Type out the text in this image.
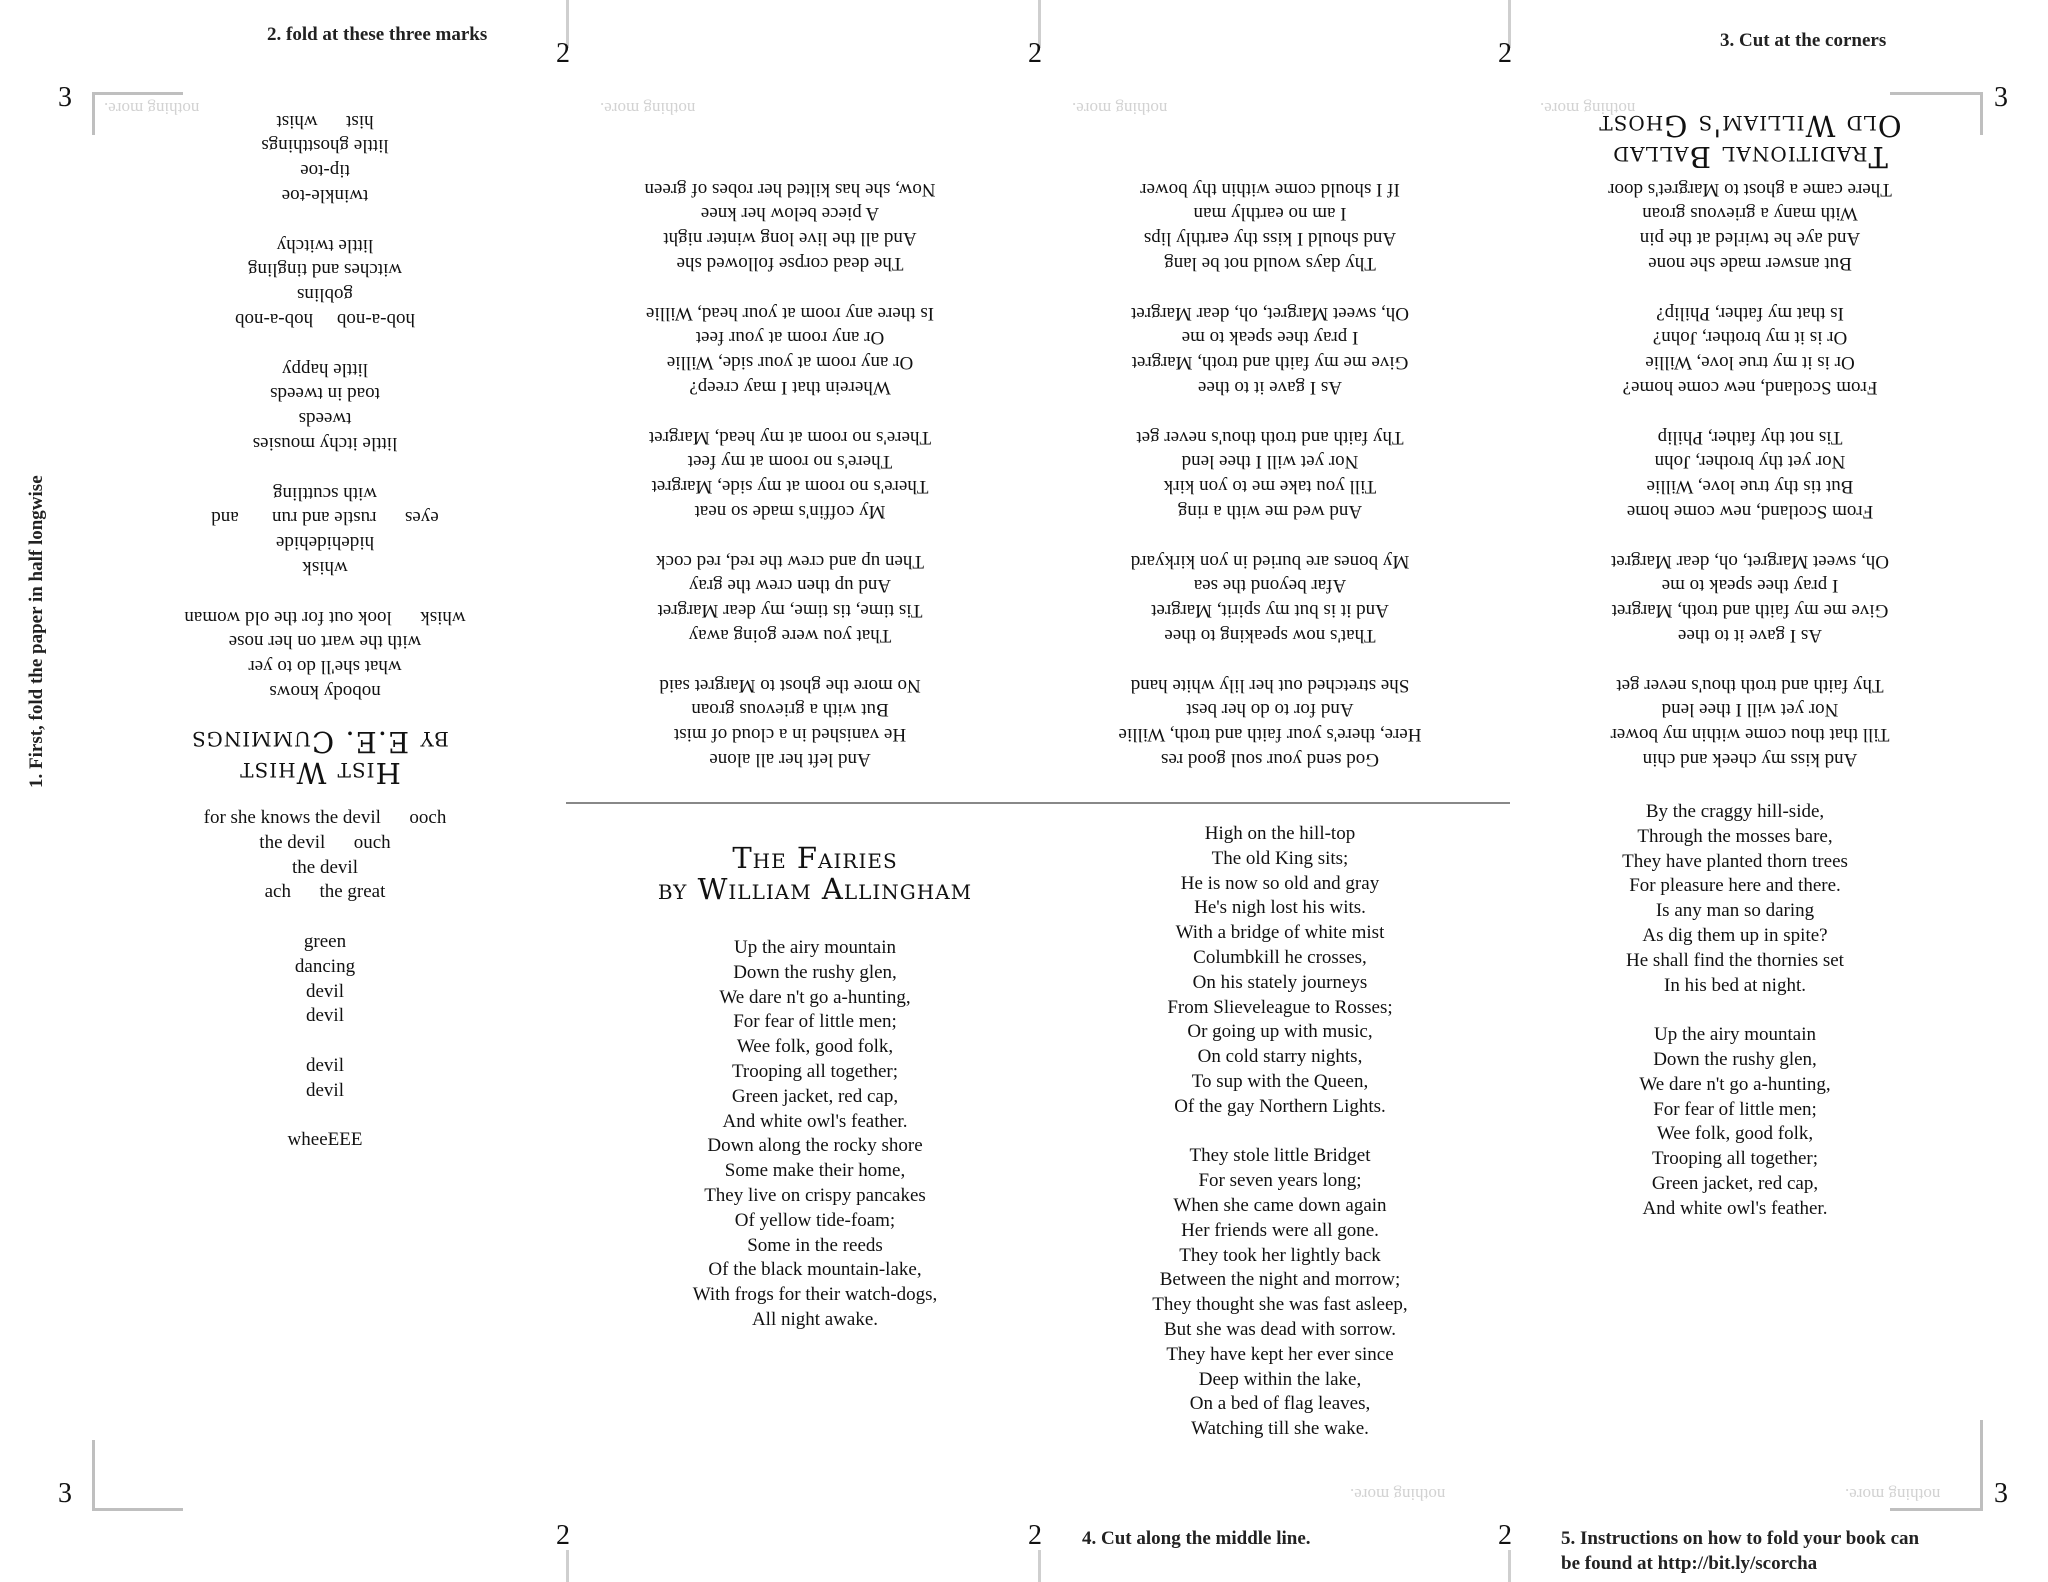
2. fold at these three marks	3. Cut at the corners
4. Cut along the middle line.	5. Instructions on how to fold your book can
be found at http://bit.ly/scorcha
1. First, fold the paper in half longwise
2	2	2
2	2	2
3	3
3	3
nothing more.	nothing more.	nothing more.	nothing more.
nothing more.	nothing more.
Hist Whist
by E.E. Cummings
nobody knows
what she'll do to yer
with the wart on her nose
whisk      look out for the old woman
whisk
hidehidehide
eyes      rustle and run       and
with scuttling
little itchy mousies
tweeds
toad in tweeds
little happy
hob-a-nob     hob-a-nob
goblins
witches and tingling
little twitchy
twinkle-toe
tip-toe
little ghostthings
hist      whist
And left her all alone
He vanished in a cloud of mist
But with a grievous groan
No more the ghost to Margret said
That you were going away
Tis time, tis time, my dear Margret
And up then crew the gray
Then up and crew the red, red cock
My coffin's made so neat
There's no room at my side, Margret
There's no room at my feet
There's no room at my head, Margret
Wherein that I may creep?
Or any room at your side, Willie
Or any room at your feet
Is there any room at your head, Willie
The dead corpse followed she
And all the live long winter night
A piece below her knee
Now, she has kilted her robes of green
God send your soul good res
Here, there's your faith and troth, Willie
And for to do her best
She stretched out her lily white hand
That's now speaking to thee
And it is but my spirit, Margret
Afar beyond the sea
My bones are buried in yon kirkyard
And wed me with a ring
Till you take me to yon kirk
Nor yet will I thee lend
Thy faith and troth thou's never get
As I gave it to thee
Give me my faith and troth, Margret
I pray thee speak to me
Oh, sweet Margret, oh, dear Margret
Thy days would not be lang
And should I kiss thy earthly lips
I am no earthly man
If I should come within thy bower
And kiss my cheek and chin
Till that thou come within my bower
Nor yet will I thee lend
Thy faith and troth thou's never get
As I gave it to thee
Give me my faith and troth, Margret
I pray thee speak to me
Oh, sweet Margret, oh, dear Margret
From Scotland, new come home
But tis thy true love, Willie
Nor yet thy brother, John
Tis not thy father, Philip
From Scotland, new come home?
Or is it my true love, Willie
Or is it my brother, John?
Is that my father, Philip?
But answer made she none
And aye he twirled at the pin
With many a grievous groan
There came a ghost to Margret's door
Traditional Ballad
Old William's Ghost
for she knows the devil      ooch
the devil      ouch
the devil
ach      the great
green
dancing
devil
devil
devil
devil
wheeEEE
The Fairies
by William Allingham
Up the airy mountain
Down the rushy glen,
We dare n't go a-hunting,
For fear of little men;
Wee folk, good folk,
Trooping all together;
Green jacket, red cap,
And white owl's feather.
Down along the rocky shore
Some make their home,
They live on crispy pancakes
Of yellow tide-foam;
Some in the reeds
Of the black mountain-lake,
With frogs for their watch-dogs,
All night awake.
High on the hill-top
The old King sits;
He is now so old and gray
He's nigh lost his wits.
With a bridge of white mist
Columbkill he crosses,
On his stately journeys
From Slieveleague to Rosses;
Or going up with music,
On cold starry nights,
To sup with the Queen,
Of the gay Northern Lights.
They stole little Bridget
For seven years long;
When she came down again
Her friends were all gone.
They took her lightly back
Between the night and morrow;
They thought she was fast asleep,
But she was dead with sorrow.
They have kept her ever since
Deep within the lake,
On a bed of flag leaves,
Watching till she wake.
By the craggy hill-side,
Through the mosses bare,
They have planted thorn trees
For pleasure here and there.
Is any man so daring
As dig them up in spite?
He shall find the thornies set
In his bed at night.
Up the airy mountain
Down the rushy glen,
We dare n't go a-hunting,
For fear of little men;
Wee folk, good folk,
Trooping all together;
Green jacket, red cap,
And white owl's feather.
